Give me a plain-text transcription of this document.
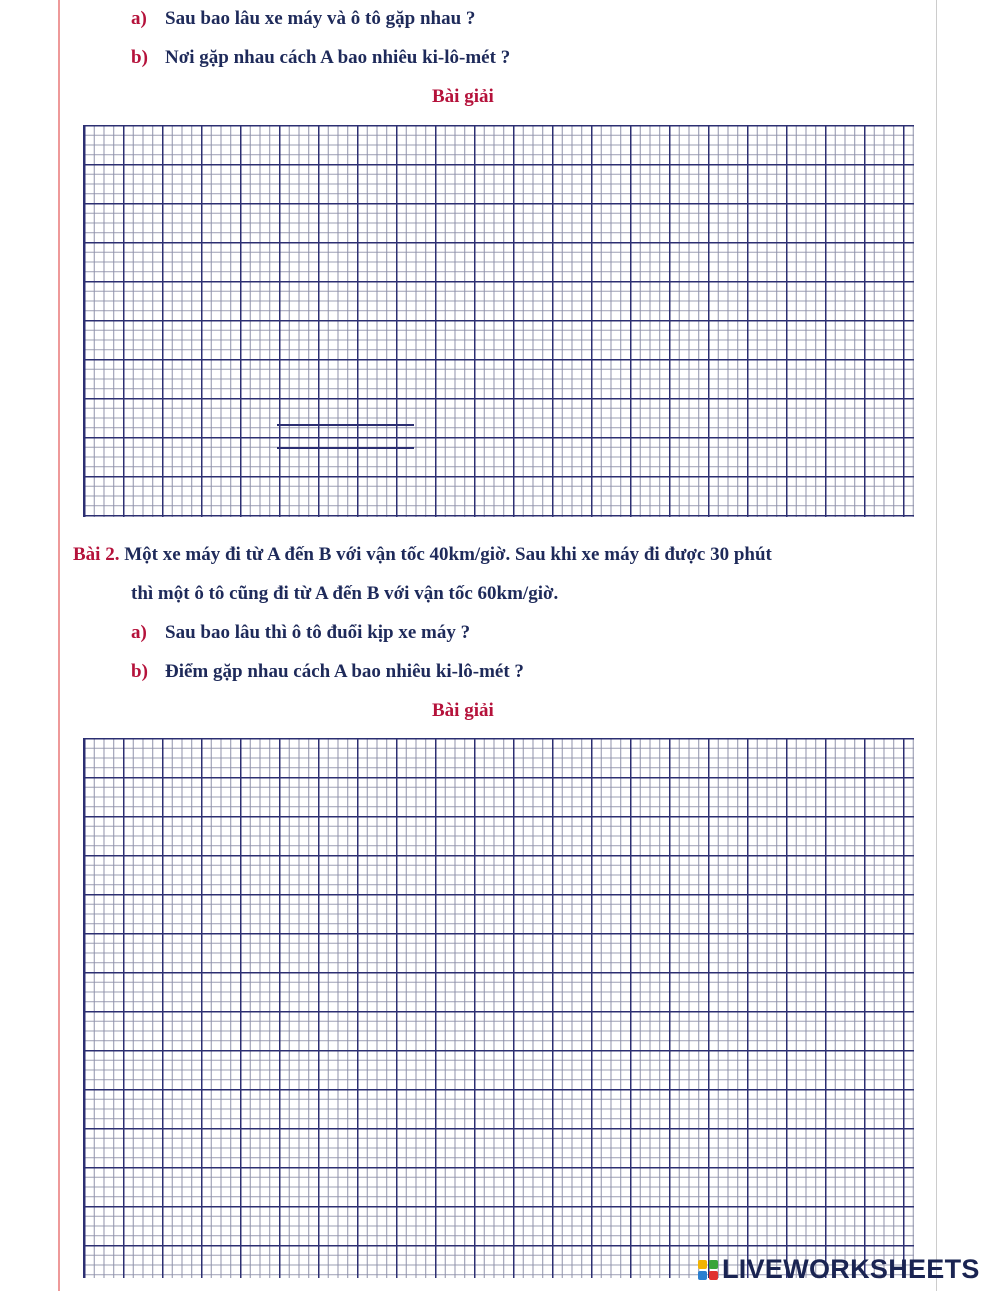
a) Sau bao lâu xe máy và ô tô gặp nhau ?
b) Nơi gặp nhau cách A bao nhiêu ki-lô-mét ?
Bài giải
Bài 2. Một xe máy đi từ A đến B với vận tốc 40km/giờ. Sau khi xe máy đi được 30 phút
thì một ô tô cũng đi từ A đến B với vận tốc 60km/giờ.
a) Sau bao lâu thì ô tô đuổi kịp xe máy ?
b) Điểm gặp nhau cách A bao nhiêu ki-lô-mét ?
Bài giải
LIVEWORKSHEETS
